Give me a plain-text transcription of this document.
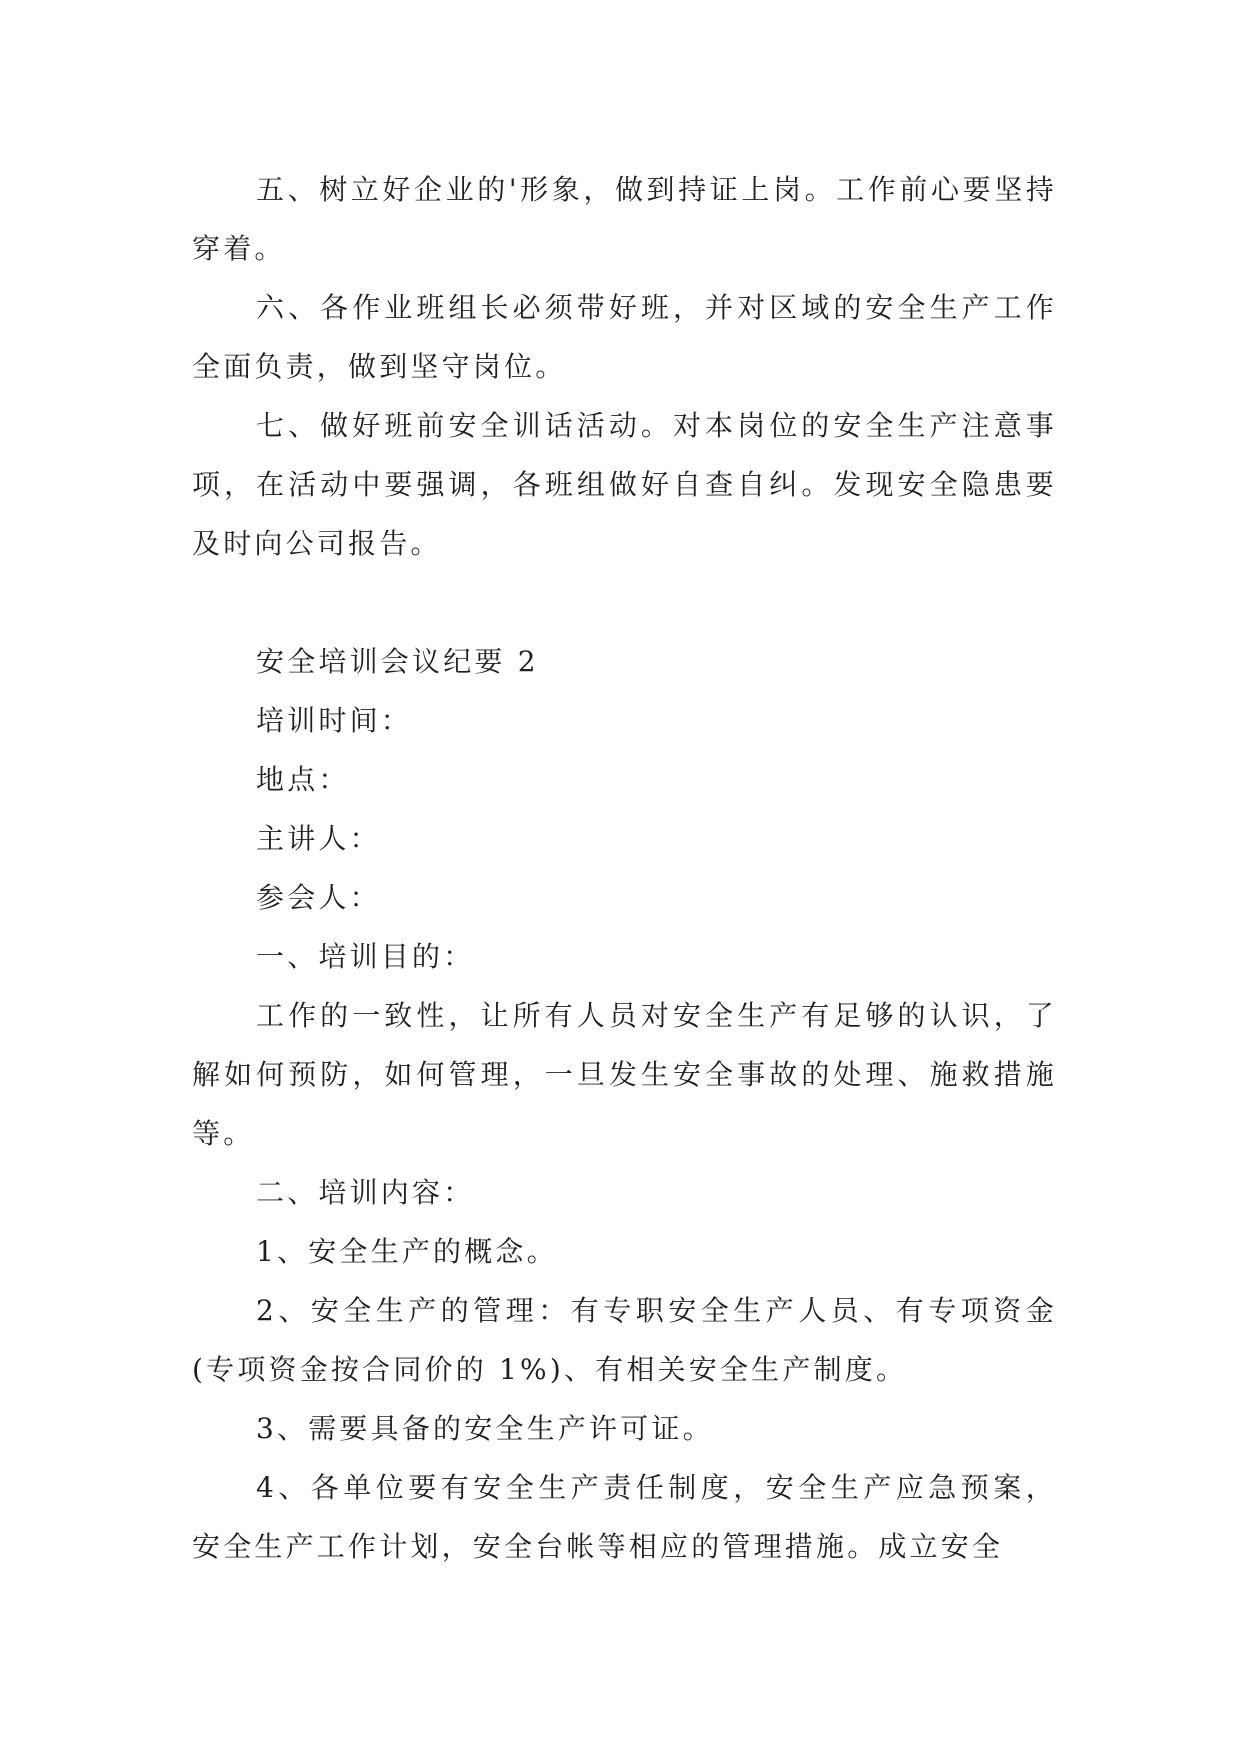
五、树立好企业的'形象，做到持证上岗。工作前心要坚持穿着。

六、各作业班组长必须带好班，并对区域的安全生产工作全面负责，做到坚守岗位。

七、做好班前安全训话活动。对本岗位的安全生产注意事项，在活动中要强调，各班组做好自查自纠。发现安全隐患要及时向公司报告。

安全培训会议纪要 2

培训时间：

地点：

主讲人：

参会人：

一、培训目的：

工作的一致性，让所有人员对安全生产有足够的认识，了解如何预防，如何管理，一旦发生安全事故的处理、施救措施等。

二、培训内容：

1、安全生产的概念。

2、安全生产的管理：有专职安全生产人员、有专项资金(专项资金按合同价的 1%)、有相关安全生产制度。

3、需要具备的安全生产许可证。

4、各单位要有安全生产责任制度，安全生产应急预案，安全生产工作计划，安全台帐等相应的管理措施。成立安全
